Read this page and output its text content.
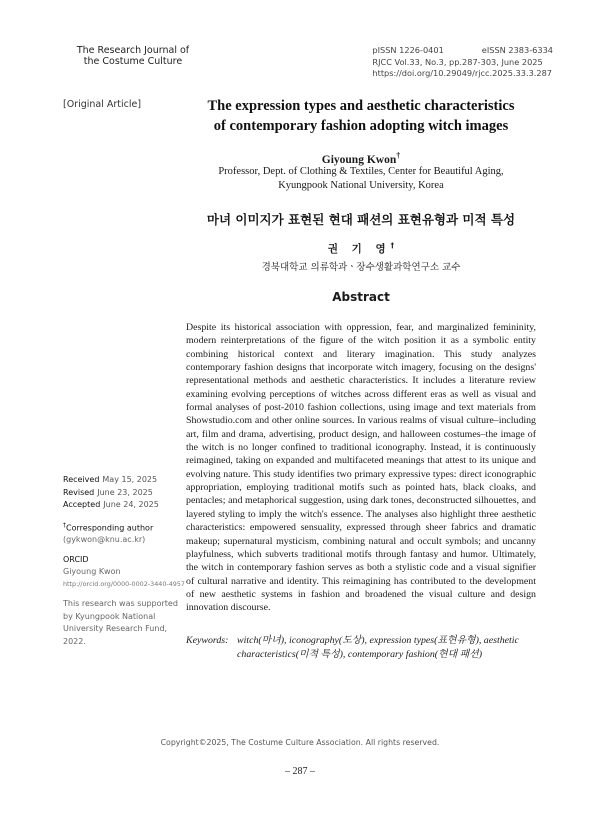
The Research Journal of
the Costume Culture
pISSN 1226-0401	eISSN 2383-6334
RJCC Vol.33, No.3, pp.287-303, June 2025
https://doi.org/10.29049/rjcc.2025.33.3.287
[Original Article]	The expression types and aesthetic characteristics
of contemporary fashion adopting witch images
Giyoung Kwon†
Professor, Dept. of Clothing & Textiles, Center for Beautiful Aging,
Kyungpook National University, Korea
마녀 이미지가 표현된 현대 패션의 표현유형과 미적 특성
권 기 영†
경북대학교 의류학과ㆍ장수생활과학연구소 교수
Abstract
Despite its historical association with oppression, fear, and marginalized femininity, modern reinterpretations of the figure of the witch position it as a symbolic entity combining historical context and literary imagination. This study analyzes contemporary fashion designs that incorporate witch imagery, focusing on the designs' representational methods and aesthetic characteristics. It includes a literature review examining evolving perceptions of witches across different eras as well as visual and formal analyses of post-2010 fashion collections, using image and text materials from Showstudio.com and other online sources. In various realms of visual culture–including art, film and drama, advertising, product design, and halloween costumes–the image of the witch is no longer confined to traditional iconography. Instead, it is continuously reimagined, taking on expanded and multifaceted meanings that attest to its unique and evolving nature. This study identifies two primary expressive types: direct iconographic appropriation, employing traditional motifs such as pointed hats, black cloaks, and pentacles; and metaphorical suggestion, using dark tones, deconstructed silhouettes, and layered styling to imply the witch's essence. The analyses also highlight three aesthetic characteristics: empowered sensuality, expressed through sheer fabrics and dramatic makeup; supernatural mysticism, combining natural and occult symbols; and uncanny playfulness, which subverts traditional motifs through fantasy and humor. Ultimately, the witch in contemporary fashion serves as both a stylistic code and a visual signifier of cultural narrative and identity. This reimagining has contributed to the development of new aesthetic systems in fashion and broadened the visual culture and design innovation discourse.
Keywords: witch(마녀), iconography(도상), expression types(표현유형), aesthetic
characteristics(미적 특성), contemporary fashion(현대 패션)
Received May 15, 2025
Revised June 23, 2025
Accepted June 24, 2025
†Corresponding author
(gykwon@knu.ac.kr)
ORCID
Giyoung Kwon
http://orcid.org/0000-0002-3440-4957
This research was supported by Kyungpook National University Research Fund, 2022.
Copyright©2025, The Costume Culture Association. All rights reserved.
– 287 –
